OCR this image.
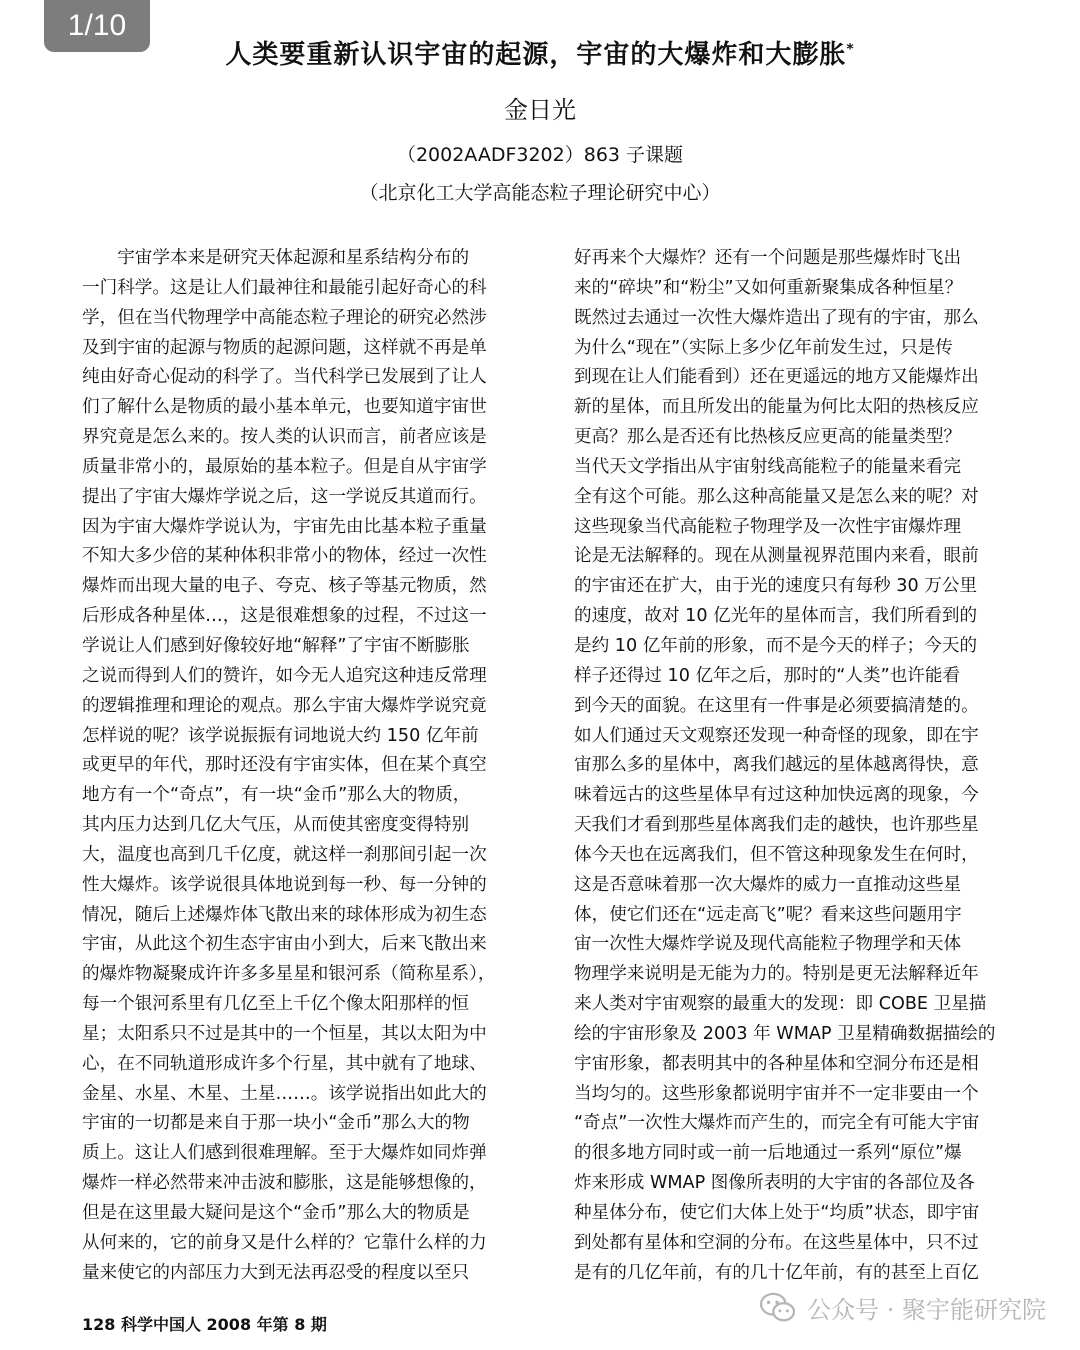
1/10
人类要重新认识宇宙的起源，宇宙的大爆炸和大膨胀*
金日光
（2002AADF3202）863 子课题
（北京化工大学高能态粒子理论研究中心）
　　宇宙学本来是研究天体起源和星系结构分布的
一门科学。这是让人们最神往和最能引起好奇心的科
学，但在当代物理学中高能态粒子理论的研究必然涉
及到宇宙的起源与物质的起源问题，这样就不再是单
纯由好奇心促动的科学了。当代科学已发展到了让人
们了解什么是物质的最小基本单元，也要知道宇宙世
界究竟是怎么来的。按人类的认识而言，前者应该是
质量非常小的，最原始的基本粒子。但是自从宇宙学
提出了宇宙大爆炸学说之后，这一学说反其道而行。
因为宇宙大爆炸学说认为，宇宙先由比基本粒子重量
不知大多少倍的某种体积非常小的物体，经过一次性
爆炸而出现大量的电子、夸克、核子等基元物质，然
后形成各种星体…，这是很难想象的过程，不过这一
学说让人们感到好像较好地“解释”了宇宙不断膨胀
之说而得到人们的赞许，如今无人追究这种违反常理
的逻辑推理和理论的观点。那么宇宙大爆炸学说究竟
怎样说的呢？该学说振振有词地说大约 150 亿年前
或更早的年代，那时还没有宇宙实体，但在某个真空
地方有一个“奇点”，有一块“金币”那么大的物质，
其内压力达到几亿大气压，从而使其密度变得特别
大，温度也高到几千亿度，就这样一刹那间引起一次
性大爆炸。该学说很具体地说到每一秒、每一分钟的
情况，随后上述爆炸体飞散出来的球体形成为初生态
宇宙，从此这个初生态宇宙由小到大，后来飞散出来
的爆炸物凝聚成许许多多星星和银河系（简称星系），
每一个银河系里有几亿至上千亿个像太阳那样的恒
星；太阳系只不过是其中的一个恒星，其以太阳为中
心，在不同轨道形成许多个行星，其中就有了地球、
金星、水星、木星、土星……。该学说指出如此大的
宇宙的一切都是来自于那一块小“金币”那么大的物
质上。这让人们感到很难理解。至于大爆炸如同炸弹
爆炸一样必然带来冲击波和膨胀，这是能够想像的，
但是在这里最大疑问是这个“金币”那么大的物质是
从何来的，它的前身又是什么样的？它靠什么样的力
量来使它的内部压力大到无法再忍受的程度以至只
好再来个大爆炸？还有一个问题是那些爆炸时飞出
来的“碎块”和“粉尘”又如何重新聚集成各种恒星？
既然过去通过一次性大爆炸造出了现有的宇宙，那么
为什么“现在”（实际上多少亿年前发生过，只是传
到现在让人们能看到）还在更遥远的地方又能爆炸出
新的星体，而且所发出的能量为何比太阳的热核反应
更高？那么是否还有比热核反应更高的能量类型？
当代天文学指出从宇宙射线高能粒子的能量来看完
全有这个可能。那么这种高能量又是怎么来的呢？对
这些现象当代高能粒子物理学及一次性宇宙爆炸理
论是无法解释的。现在从测量视界范围内来看，眼前
的宇宙还在扩大，由于光的速度只有每秒 30 万公里
的速度，故对 10 亿光年的星体而言，我们所看到的
是约 10 亿年前的形象，而不是今天的样子；今天的
样子还得过 10 亿年之后，那时的“人类”也许能看
到今天的面貌。在这里有一件事是必须要搞清楚的。
如人们通过天文观察还发现一种奇怪的现象，即在宇
宙那么多的星体中，离我们越远的星体越离得快，意
味着远古的这些星体早有过这种加快远离的现象，今
天我们才看到那些星体离我们走的越快，也许那些星
体今天也在远离我们，但不管这种现象发生在何时，
这是否意味着那一次大爆炸的威力一直推动这些星
体，使它们还在“远走高飞”呢？看来这些问题用宇
宙一次性大爆炸学说及现代高能粒子物理学和天体
物理学来说明是无能为力的。特别是更无法解释近年
来人类对宇宙观察的最重大的发现：即 COBE 卫星描
绘的宇宙形象及 2003 年 WMAP 卫星精确数据描绘的
宇宙形象，都表明其中的各种星体和空洞分布还是相
当均匀的。这些形象都说明宇宙并不一定非要由一个
“奇点”一次性大爆炸而产生的，而完全有可能大宇宙
的很多地方同时或一前一后地通过一系列“原位”爆
炸来形成 WMAP 图像所表明的大宇宙的各部位及各
种星体分布，使它们大体上处于“均质”状态，即宇宙
到处都有星体和空洞的分布。在这些星体中，只不过
是有的几亿年前，有的几十亿年前，有的甚至上百亿
128 科学中国人 2008 年第 8 期
公众号 · 聚宇能研究院
